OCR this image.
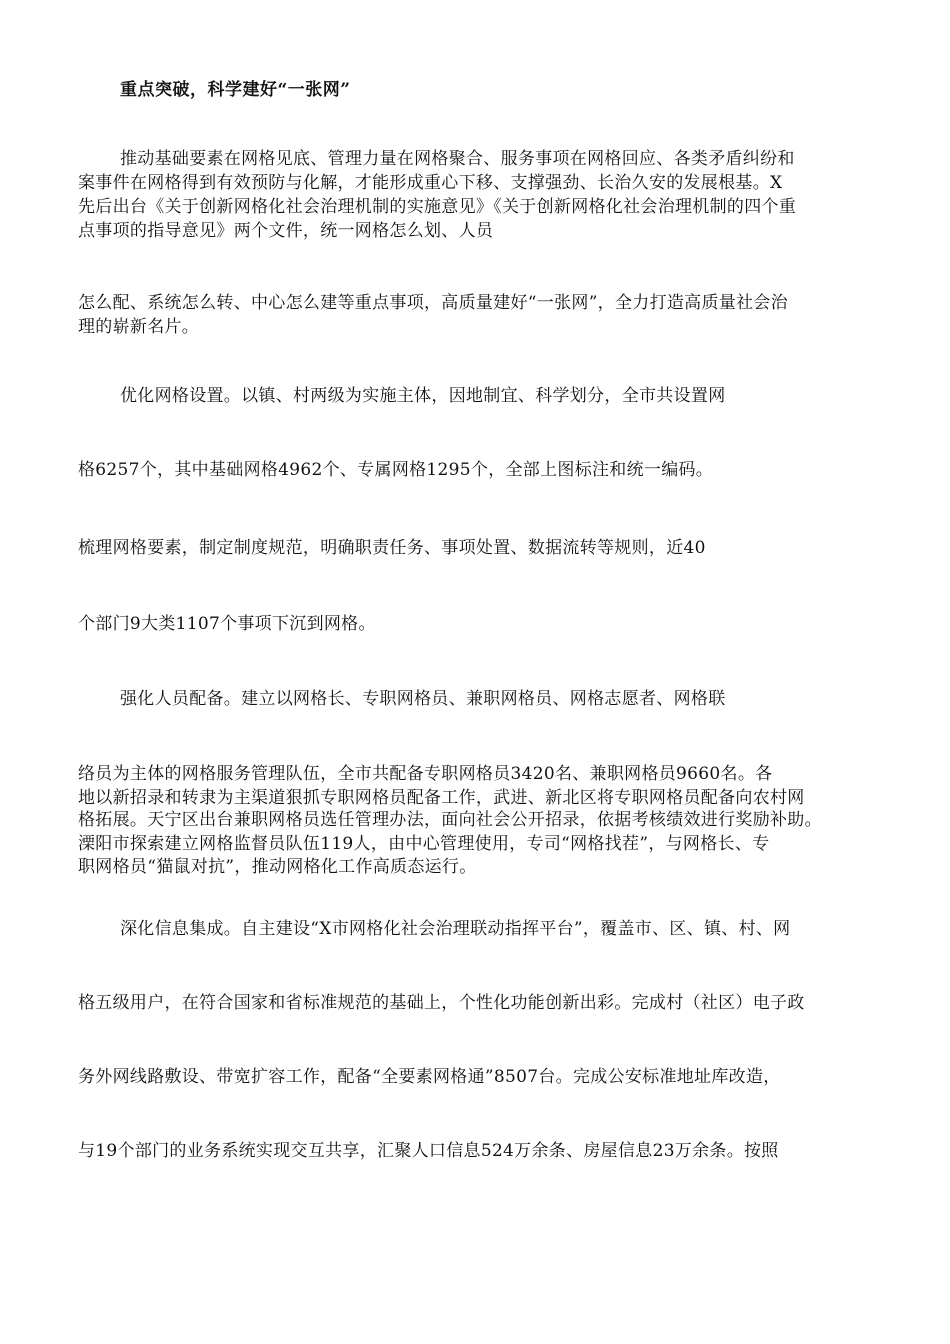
重点突破，科学建好“一张网”
推动基础要素在网格见底、管理力量在网格聚合、服务事项在网格回应、各类矛盾纠纷和
案事件在网格得到有效预防与化解，才能形成重心下移、支撑强劲、长治久安的发展根基。X
先后出台《关于创新网格化社会治理机制的实施意见》《关于创新网格化社会治理机制的四个重
点事项的指导意见》两个文件，统一网格怎么划、人员
怎么配、系统怎么转、中心怎么建等重点事项，高质量建好“一张网”，全力打造高质量社会治
理的崭新名片。
优化网格设置。以镇、村两级为实施主体，因地制宜、科学划分，全市共设置网
格6257个，其中基础网格4962个、专属网格1295个，全部上图标注和统一编码。
梳理网格要素，制定制度规范，明确职责任务、事项处置、数据流转等规则，近40
个部门9大类1107个事项下沉到网格。
强化人员配备。建立以网格长、专职网格员、兼职网格员、网格志愿者、网格联
络员为主体的网格服务管理队伍，全市共配备专职网格员3420名、兼职网格员9660名。各
地以新招录和转隶为主渠道狠抓专职网格员配备工作，武进、新北区将专职网格员配备向农村网
格拓展。天宁区出台兼职网格员选任管理办法，面向社会公开招录，依据考核绩效进行奖励补助。
溧阳市探索建立网格监督员队伍119人，由中心管理使用，专司“网格找茬”，与网格长、专
职网格员“猫鼠对抗”，推动网格化工作高质态运行。
深化信息集成。自主建设“X市网格化社会治理联动指挥平台”，覆盖市、区、镇、村、网
格五级用户，在符合国家和省标准规范的基础上，个性化功能创新出彩。完成村（社区）电子政
务外网线路敷设、带宽扩容工作，配备“全要素网格通”8507台。完成公安标准地址库改造，
与19个部门的业务系统实现交互共享，汇聚人口信息524万余条、房屋信息23万余条。按照
